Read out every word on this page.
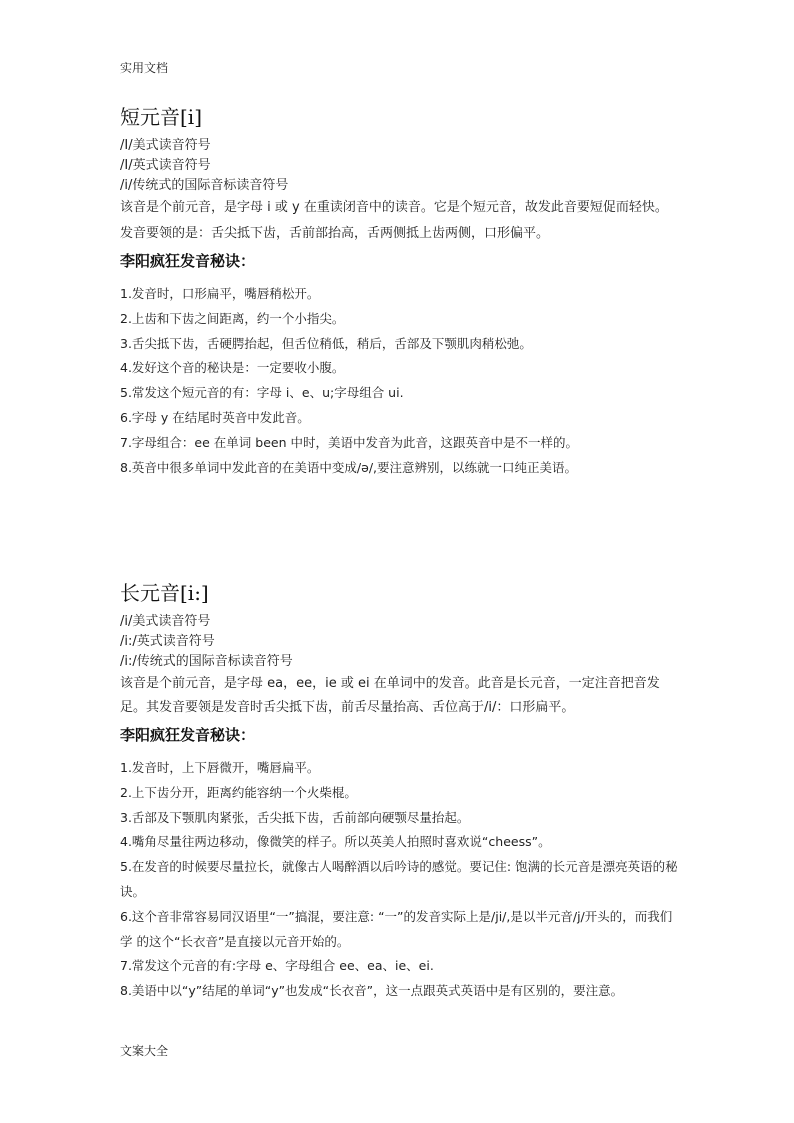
实用文档
短元音[i]
/I/美式读音符号
/I/英式读音符号
/i/传统式的国际音标读音符号
该音是个前元音，是字母 i 或 y 在重读闭音中的读音。它是个短元音，故发此音要短促而轻快。
发音要领的是：舌尖抵下齿，舌前部抬高，舌两侧抵上齿两侧，口形偏平。
李阳疯狂发音秘诀：
1.发音时，口形扁平，嘴唇稍松开。
2.上齿和下齿之间距离，约一个小指尖。
3.舌尖抵下齿，舌硬腭抬起，但舌位稍低，稍后，舌部及下颚肌肉稍松弛。
4.发好这个音的秘诀是：一定要收小腹。
5.常发这个短元音的有：字母 i、e、u;字母组合 ui.
6.字母 y 在结尾时英音中发此音。
7.字母组合：ee 在单词 been 中时，美语中发音为此音，这跟英音中是不一样的。
8.英音中很多单词中发此音的在美语中变成/ə/,要注意辨别，以练就一口纯正美语。
长元音[i:]
/i/美式读音符号
/i:/英式读音符号
/i:/传统式的国际音标读音符号
该音是个前元音，是字母 ea，ee，ie 或 ei 在单词中的发音。此音是长元音，一定注音把音发足。其发音要领是发音时舌尖抵下齿，前舌尽量抬高、舌位高于/i/：口形扁平。
李阳疯狂发音秘诀：
1.发音时，上下唇微开，嘴唇扁平。
2.上下齿分开，距离约能容纳一个火柴棍。
3.舌部及下颚肌肉紧张，舌尖抵下齿，舌前部向硬颚尽量抬起。
4.嘴角尽量往两边移动，像微笑的样子。所以英美人拍照时喜欢说“cheess”。
5.在发音的时候要尽量拉长，就像古人喝醉酒以后吟诗的感觉。要记住: 饱满的长元音是漂亮英语的秘诀。
6.这个音非常容易同汉语里“一”搞混，要注意: “一”的发音实际上是/ji/,是以半元音/j/开头的，而我们学 的这个“长衣音”是直接以元音开始的。
7.常发这个元音的有:字母 e、字母组合 ee、ea、ie、ei.
8.美语中以“y”结尾的单词“y”也发成“长衣音”，这一点跟英式英语中是有区别的，要注意。
文案大全
